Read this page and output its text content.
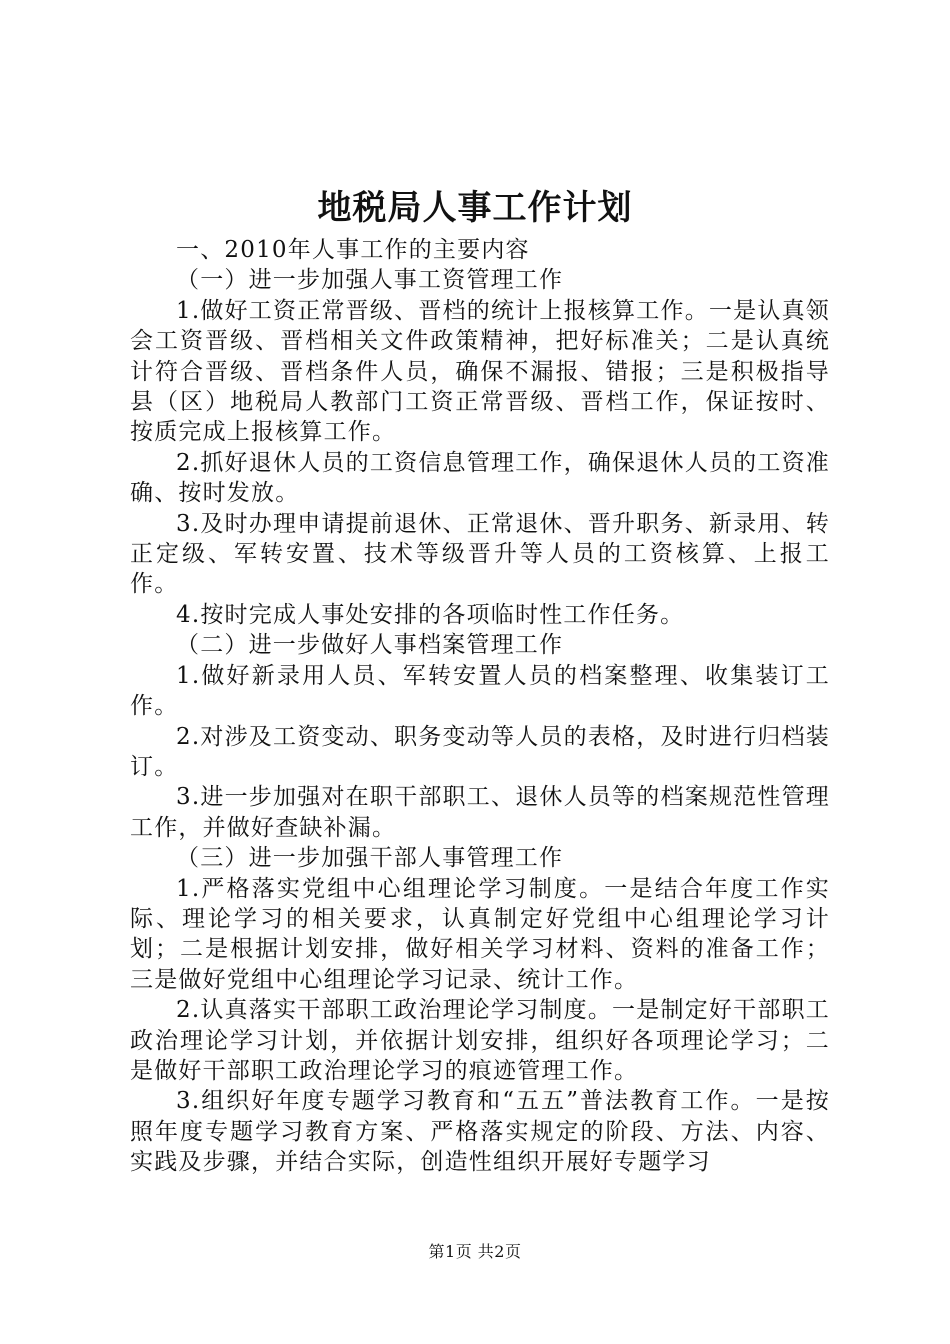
地税局人事工作计划

一、2010年人事工作的主要内容

（一）进一步加强人事工资管理工作

1.做好工资正常晋级、晋档的统计上报核算工作。一是认真领会工资晋级、晋档相关文件政策精神，把好标准关；二是认真统计符合晋级、晋档条件人员，确保不漏报、错报；三是积极指导县（区）地税局人教部门工资正常晋级、晋档工作，保证按时、按质完成上报核算工作。

2.抓好退休人员的工资信息管理工作，确保退休人员的工资准确、按时发放。

3.及时办理申请提前退休、正常退休、晋升职务、新录用、转正定级、军转安置、技术等级晋升等人员的工资核算、上报工作。

4.按时完成人事处安排的各项临时性工作任务。

（二）进一步做好人事档案管理工作

1.做好新录用人员、军转安置人员的档案整理、收集装订工作。

2.对涉及工资变动、职务变动等人员的表格，及时进行归档装订。

3.进一步加强对在职干部职工、退休人员等的档案规范性管理工作，并做好查缺补漏。

（三）进一步加强干部人事管理工作

1.严格落实党组中心组理论学习制度。一是结合年度工作实际、理论学习的相关要求，认真制定好党组中心组理论学习计划；二是根据计划安排，做好相关学习材料、资料的准备工作；三是做好党组中心组理论学习记录、统计工作。

2.认真落实干部职工政治理论学习制度。一是制定好干部职工政治理论学习计划，并依据计划安排，组织好各项理论学习；二是做好干部职工政治理论学习的痕迹管理工作。

3.组织好年度专题学习教育和“五五”普法教育工作。一是按照年度专题学习教育方案、严格落实规定的阶段、方法、内容、实践及步骤，并结合实际，创造性组织开展好专题学习

第1页 共2页
